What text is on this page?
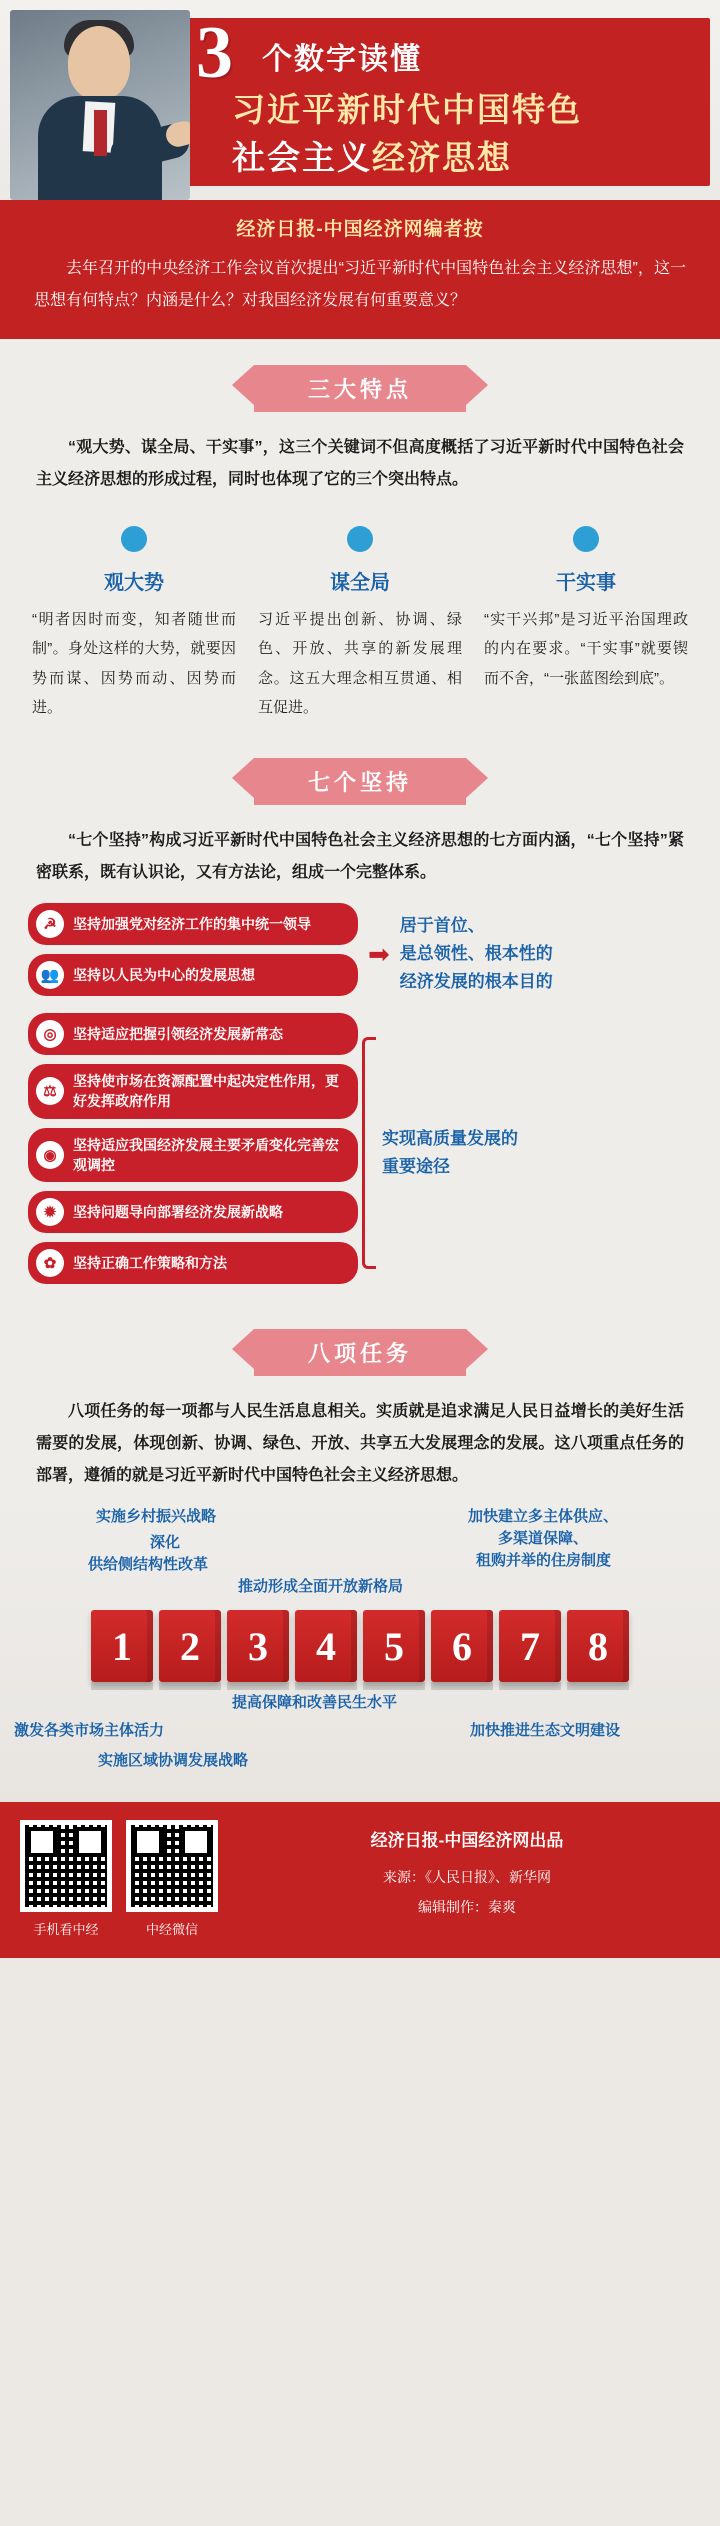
3 个数字读懂
习近平新时代中国特色
社会主义经济思想
经济日报-中国经济网编者按
去年召开的中央经济工作会议首次提出“习近平新时代中国特色社会主义经济思想”，这一思想有何特点？内涵是什么？对我国经济发展有何重要意义？
三大特点
“观大势、谋全局、干实事”，这三个关键词不但高度概括了习近平新时代中国特色社会主义经济思想的形成过程，同时也体现了它的三个突出特点。
观大势
“明者因时而变，知者随世而制”。身处这样的大势，就要因势而谋、因势而动、因势而进。
谋全局
习近平提出创新、协调、绿色、开放、共享的新发展理念。这五大理念相互贯通、相互促进。
干实事
“实干兴邦”是习近平治国理政的内在要求。“干实事”就要锲而不舍，“一张蓝图绘到底”。
七个坚持
“七个坚持”构成习近平新时代中国特色社会主义经济思想的七方面内涵，“七个坚持”紧密联系，既有认识论，又有方法论，组成一个完整体系。
☭	坚持加强党对经济工作的集中统一领导
👥 坚持以人民为中心的发展思想
➡
居于首位、
是总领性、根本性的
经济发展的根本目的
◎	坚持适应把握引领经济发展新常态
⚖
坚持使市场在资源配置中起决定性作用，更好发挥政府作用
◉
坚持适应我国经济发展主要矛盾变化完善宏观调控
✹	坚持问题导向部署经济发展新战略
✿	坚持正确工作策略和方法
实现高质量发展的
重要途径
八项任务
八项任务的每一项都与人民生活息息相关。实质就是追求满足人民日益增长的美好生活需要的发展，体现创新、协调、绿色、开放、共享五大发展理念的发展。这八项重点任务的部署，遵循的就是习近平新时代中国特色社会主义经济思想。
实施乡村振兴战略	加快建立多主体供应、
多渠道保障、
深化
租购并举的住房制度
供给侧结构性改革
推动形成全面开放新格局
1	2	3	4	5	6	7	8
提高保障和改善民生水平
激发各类市场主体活力	加快推进生态文明建设
实施区域协调发展战略
手机看中经	中经微信
经济日报-中国经济网出品
来源：《人民日报》、新华网
编辑制作：秦爽
